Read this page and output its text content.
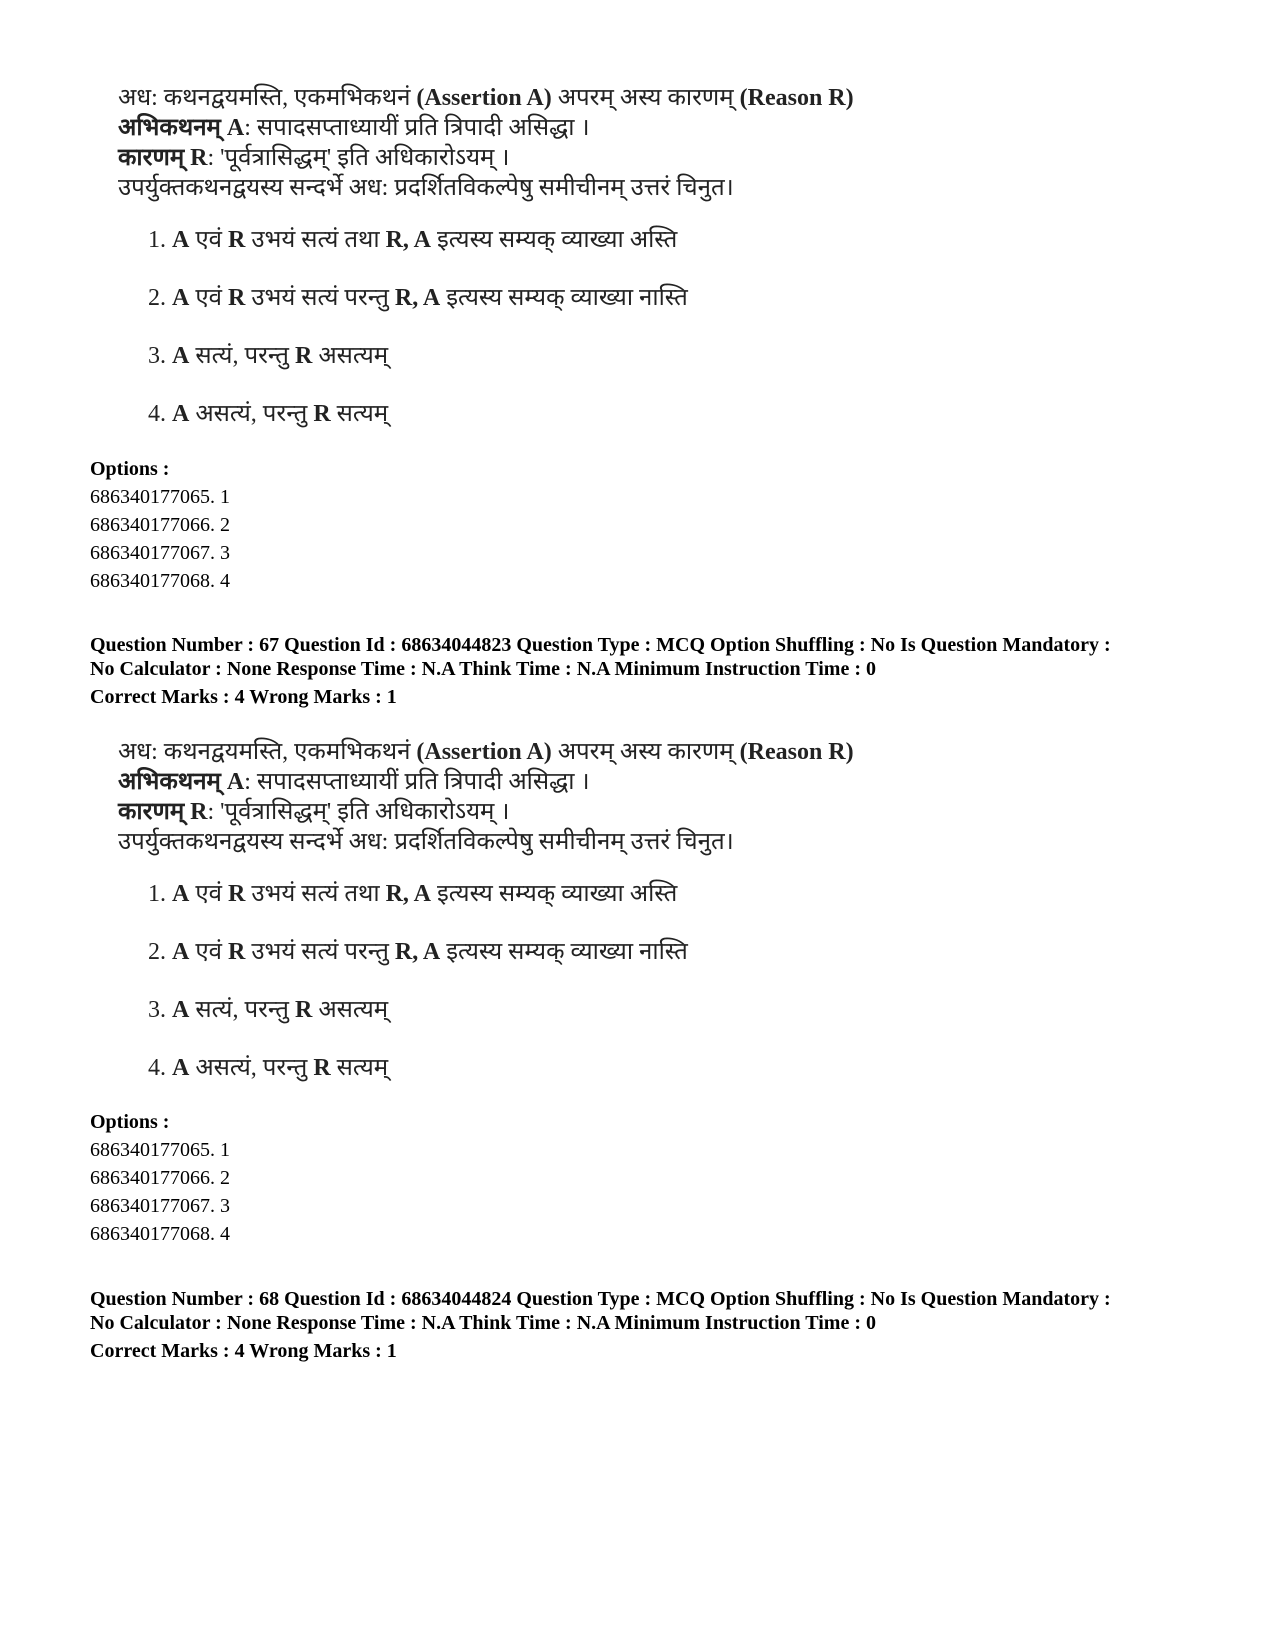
अध: कथनद्वयमस्ति, एकमभिकथनं (Assertion A) अपरम् अस्य कारणम् (Reason R)
अभिकथनम् A: सपादसप्ताध्यायीं प्रति त्रिपादी असिद्धा ।
कारणम् R: 'पूर्वत्रासिद्धम्' इति अधिकारोऽयम् ।
उपर्युक्तकथनद्वयस्य सन्दर्भे अध: प्रदर्शितविकल्पेषु समीचीनम् उत्तरं चिनुत।
1. A एवं R उभयं सत्यं तथा R, A इत्यस्य सम्यक् व्याख्या अस्ति
2. A एवं R उभयं सत्यं परन्तु R, A इत्यस्य सम्यक् व्याख्या नास्ति
3. A सत्यं, परन्तु R असत्यम्
4. A असत्यं, परन्तु R सत्यम्
Options :
686340177065. 1
686340177066. 2
686340177067. 3
686340177068. 4
Question Number : 67 Question Id : 68634044823 Question Type : MCQ Option Shuffling : No Is Question Mandatory :
No Calculator : None Response Time : N.A Think Time : N.A Minimum Instruction Time : 0
Correct Marks : 4 Wrong Marks : 1
अध: कथनद्वयमस्ति, एकमभिकथनं (Assertion A) अपरम् अस्य कारणम् (Reason R)
अभिकथनम् A: सपादसप्ताध्यायीं प्रति त्रिपादी असिद्धा ।
कारणम् R: 'पूर्वत्रासिद्धम्' इति अधिकारोऽयम् ।
उपर्युक्तकथनद्वयस्य सन्दर्भे अध: प्रदर्शितविकल्पेषु समीचीनम् उत्तरं चिनुत।
1. A एवं R उभयं सत्यं तथा R, A इत्यस्य सम्यक् व्याख्या अस्ति
2. A एवं R उभयं सत्यं परन्तु R, A इत्यस्य सम्यक् व्याख्या नास्ति
3. A सत्यं, परन्तु R असत्यम्
4. A असत्यं, परन्तु R सत्यम्
Options :
686340177065. 1
686340177066. 2
686340177067. 3
686340177068. 4
Question Number : 68 Question Id : 68634044824 Question Type : MCQ Option Shuffling : No Is Question Mandatory :
No Calculator : None Response Time : N.A Think Time : N.A Minimum Instruction Time : 0
Correct Marks : 4 Wrong Marks : 1
